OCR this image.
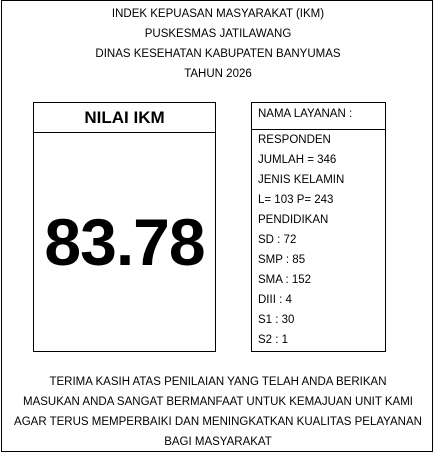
INDEK KEPUASAN MASYARAKAT (IKM)
PUSKESMAS JATILAWANG
DINAS KESEHATAN KABUPATEN BANYUMAS
TAHUN 2026
NILAI IKM
83.78
NAMA LAYANAN :
RESPONDEN
JUMLAH = 346
JENIS KELAMIN
L= 103 P= 243
PENDIDIKAN
SD : 72
SMP : 85
SMA : 152
DIII : 4
S1 : 30
S2 : 1
TERIMA KASIH ATAS PENILAIAN YANG TELAH ANDA BERIKAN
MASUKAN ANDA SANGAT BERMANFAAT UNTUK KEMAJUAN UNIT KAMI
AGAR TERUS MEMPERBAIKI DAN MENINGKATKAN KUALITAS PELAYANAN
BAGI MASYARAKAT
